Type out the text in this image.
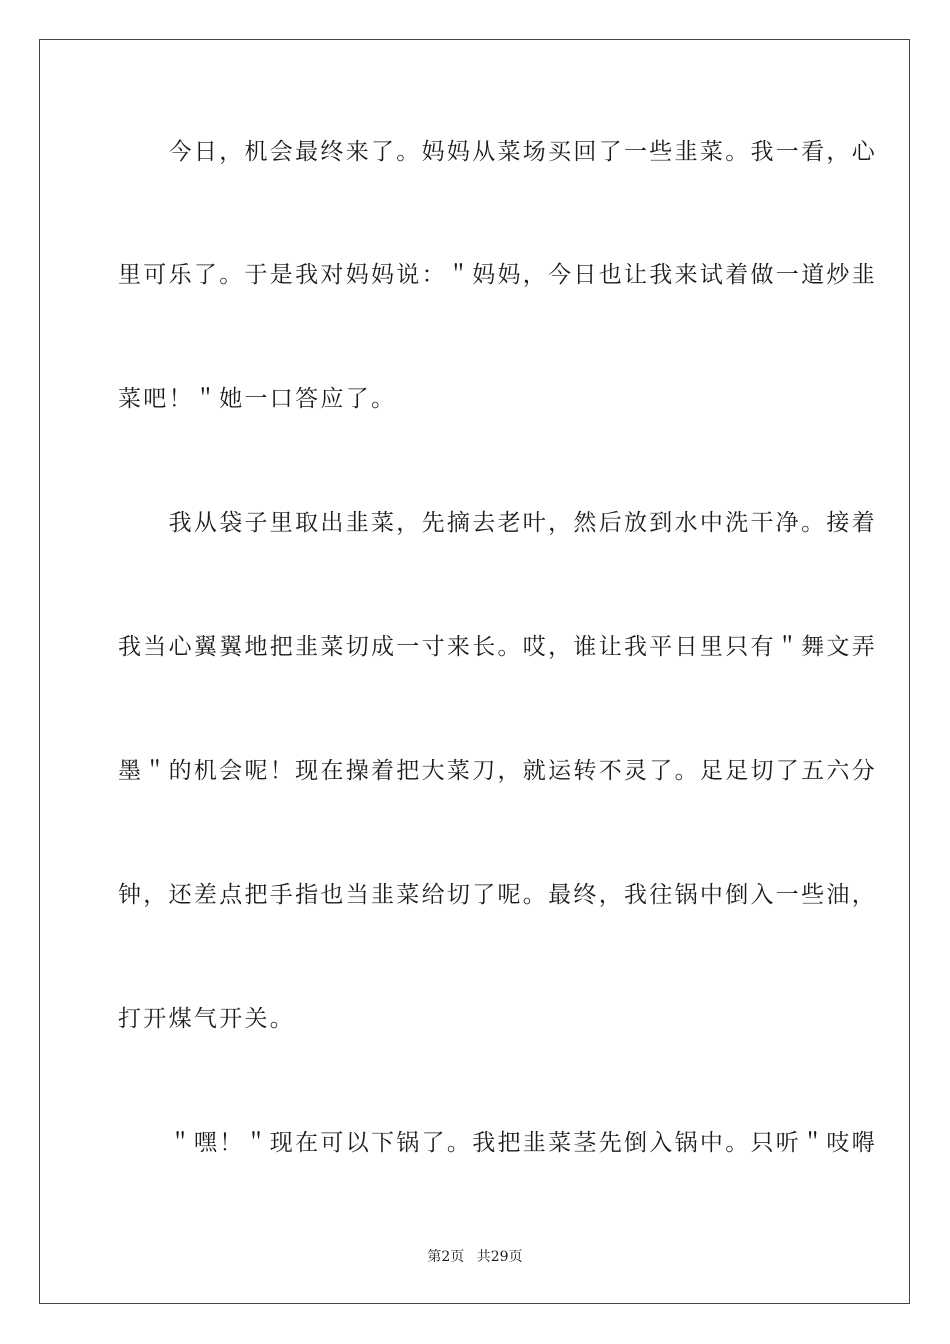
　　今日，机会最终来了。妈妈从菜场买回了一些韭菜。我一看，心
里可乐了。于是我对妈妈说：＂妈妈，今日也让我来试着做一道炒韭
菜吧！＂她一口答应了。
　　我从袋子里取出韭菜，先摘去老叶，然后放到水中洗干净。接着
我当心翼翼地把韭菜切成一寸来长。哎，谁让我平日里只有＂舞文弄
墨＂的机会呢！现在操着把大菜刀，就运转不灵了。足足切了五六分
钟，还差点把手指也当韭菜给切了呢。最终，我往锅中倒入一些油，
打开煤气开关。
　　＂嘿！＂现在可以下锅了。我把韭菜茎先倒入锅中。只听＂吱嘚
第2页 共29页
